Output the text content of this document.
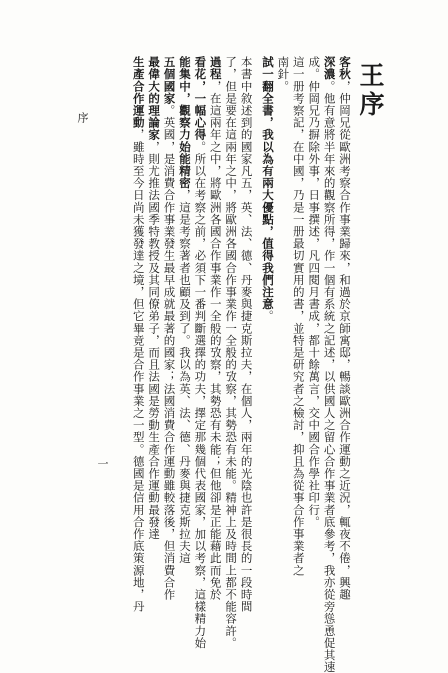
王序
客秋，仲岡兄從歐洲考察合作事業歸來，和過於京師寓邸，暢談歐洲合作運動之近況，輒夜不倦，興趣
深濃。他有意將半年來的觀察所得，作一個有系統之記述，以供國人之留心合作事業者底參考，我亦從旁慫恿促其速
成。仲岡兄乃摒除外事，日事撰述，凡四閱月書成，都十餘萬言，交中國合作學社印行。
這一册考察記，在中國，乃是一册最切實用的書，並特是研究者之檢討，抑且為從事合作事業者之
南針。
試一翻全書，我以為有兩大優點，值得我們注意。
本書中敘述到的國家凡五，英、法、德、丹麥與捷克斯拉夫，在個人，兩年的光陰也許是很長的一段時間
了，但是要在這兩年之中，將歐洲各國合作事業作一全般的攷察，其勢恐有未能。精神上及時間上都不能容許。
過程，在這兩年之中，將歐洲各國合作事業作一全般的攷察，其勢恐有未能；但他卻是正能藉此而免於
看花，一幅心得。所以在考察之前，必須下一番判斷選擇的功夫，擇定那幾個代表國家，加以考察，這樣精力始
能集中，觀察力始能精密，這是考察著者也顧及到了。我以為英、法、德、丹麥與捷克斯拉夫這
五個國家。英國，是消費合作事業發生最早成就最著的國家；法國消費合作運動雖較落後，但消費合作
最偉大的理論家，則尤推法國季特教授及其同僚弟子，而且法國是勞動生產合作運動最發達
生產合作運動，雖時至今日尚未獲發達之境，但它畢竟是合作事業之一型。德國是信用合作底策源地，丹
序
一
